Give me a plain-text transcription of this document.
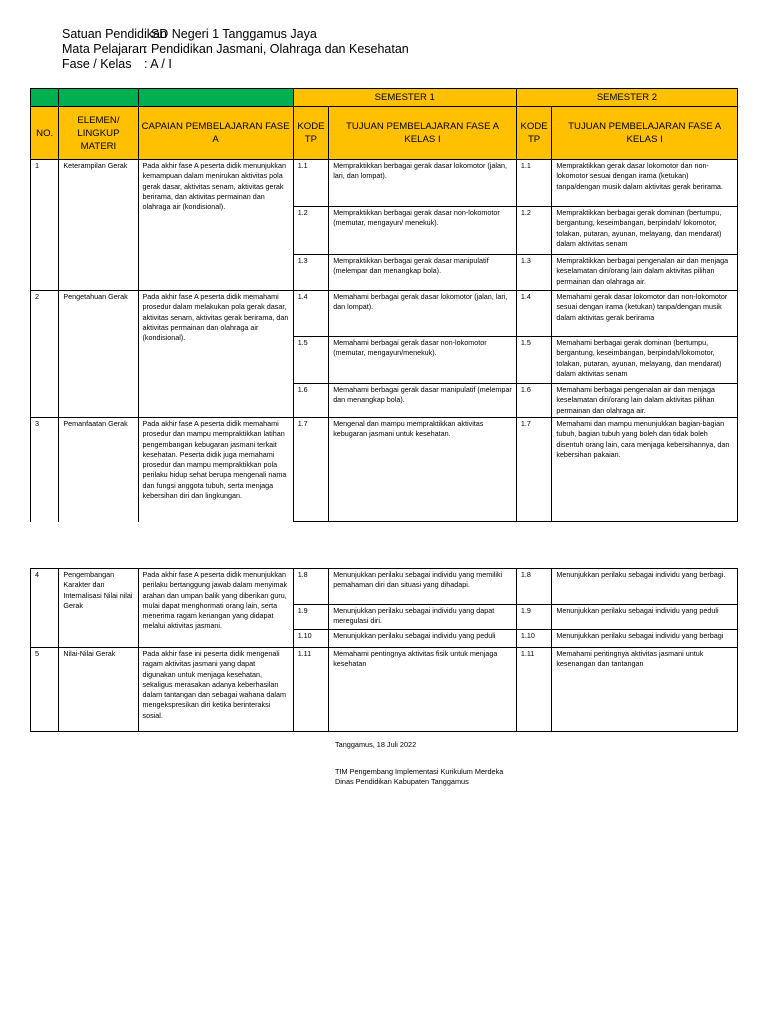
Satuan Pendidikan
: SD Negeri 1 Tanggamus Jaya
Mata Pelajaran
: Pendidikan Jasmani, Olahraga dan Kesehatan
Fase / Kelas	: A / I
			SEMESTER 1		SEMESTER 2	
NO.	ELEMEN/ LINGKUP MATERI	CAPAIAN PEMBELAJARAN FASE A	KODE TP	TUJUAN PEMBELAJARAN FASE A KELAS I	KODE TP	TUJUAN PEMBELAJARAN FASE A KELAS I
1	Keterampilan Gerak	Pada akhir fase A peserta didik menunjukkan kemampuan dalam menirukan aktivitas pola gerak dasar, aktivitas senam, aktivitas gerak berirama, dan aktivitas permainan dan olahraga air (kondisional).	1.1	Mempraktikkan berbagai gerak dasar lokomotor (jalan, lari, dan lompat).	1.1	Mempraktikkan gerak dasar lokomotor dan non-lokomotor sesuai dengan irama (ketukan) tanpa/dengan musik dalam aktivitas gerak berirama.
			1.2	Mempraktikkan berbagai gerak dasar non-lokomotor (memutar, mengayun/ menekuk).	1.2	Mempraktikkan berbagai gerak dominan (bertumpu, bergantung, keseimbangan, berpindah/ lokomotor, tolakan, putaran, ayunan, melayang, dan mendarat) dalam aktivitas senam
			1.3	Mempraktikkan berbagai gerak dasar manipulatif (melempar dan menangkap bola).	1.3	Mempraktikkan berbagai pengenalan air dan menjaga keselamatan diri/orang lain dalam aktivitas pilihan permainan dan olahraga air.
2	Pengetahuan Gerak	Pada akhir fase A peserta didik memahami prosedur dalam melakukan pola gerak dasar, aktivitas senam, aktivitas gerak berirama, dan aktivitas permainan dan olahraga air (kondisional).	1.4	Memahami berbagai gerak dasar lokomotor (jalan, lari, dan lompat).	1.4	Memahami gerak dasar lokomotor dan non-lokomotor sesuai dengan irama (ketukan) tanpa/dengan musik dalam aktivitas gerak berirama
			1.5	Memahami berbagai gerak dasar non-lokomotor (memutar, mengayun/menekuk).	1.5	Memahami berbagai gerak dominan (bertumpu, bergantung, keseimbangan, berpindah/lokomotor, tolakan, putaran, ayunan, melayang, dan mendarat) dalam aktivitas senam
			1.6	Memahami berbagai gerak dasar manipulatif (melempar dan menangkap bola).	1.6	Memahami berbagai pengenalan air dan menjaga keselamatan diri/orang lain dalam aktivitas pilihan permainan dan olahraga air.
3	Pemanfaatan Gerak	Pada akhir fase A peserta didik memahami prosedur dan mampu mempraktikkan latihan pengembangan kebugaran jasmani terkait kesehatan. Peserta didik juga memahami prosedur dan mampu mempraktikkan pola perilaku hidup sehat berupa mengenali nama dan fungsi anggota tubuh, serta menjaga kebersihan diri dan lingkungan.	1.7	Mengenal dan mampu mempraktikkan aktivitas kebugaran jasmani untuk kesehatan.	1.7	Memahami dan mampu menunjukkan bagian-bagian tubuh, bagian tubuh yang boleh dan tidak boleh disentuh orang lain, cara menjaga kebersihannya, dan kebersihan pakaian.
4	Pengembangan Karakter dan Internalisasi Nilai nilai Gerak	Pada akhir fase A peserta didik menunjukkan perilaku bertanggung jawab dalam menyimak arahan dan umpan balik yang diberikan guru, mulai dapat menghormati orang lain, serta menerima ragam keriangan yang didapat melalui aktivitas jasmani.	1.8	Menunjukkan perilaku sebagai individu yang memiliki pemahaman diri dan situasi yang dihadapi.	1.8	Menunjukkan perilaku sebagai individu yang berbagi.
			1.9	Menunjukkan perilaku sebagai individu yang dapat meregulasi diri.	1.9	Menunjukkan perilaku sebagai individu yang peduli
			1.10	Menunjukkan perilaku sebagai individu yang peduli	1.10	Menunjukkan perilaku sebagai individu yang berbagi
5	Nilai-Nilai Gerak	Pada akhir fase ini peserta didik mengenali ragam aktivitas jasmani yang dapat digunakan untuk menjaga kesehatan, sekaligus merasakan adanya keberhasilan dalam tantangan dan sebagai wahana dalam mengekspresikan diri ketika berinteraksi sosial.	1.11	Memahami pentingnya aktivitas fisik untuk menjaga kesehatan	1.11	Memahami pentingnya aktivitas jasmani untuk kesenangan dan tantangan
Tanggamus, 18 Juli 2022
TIM Pengembang Implementasi Kurikulum Merdeka
Dinas Pendidikan Kabupaten Tanggamus
